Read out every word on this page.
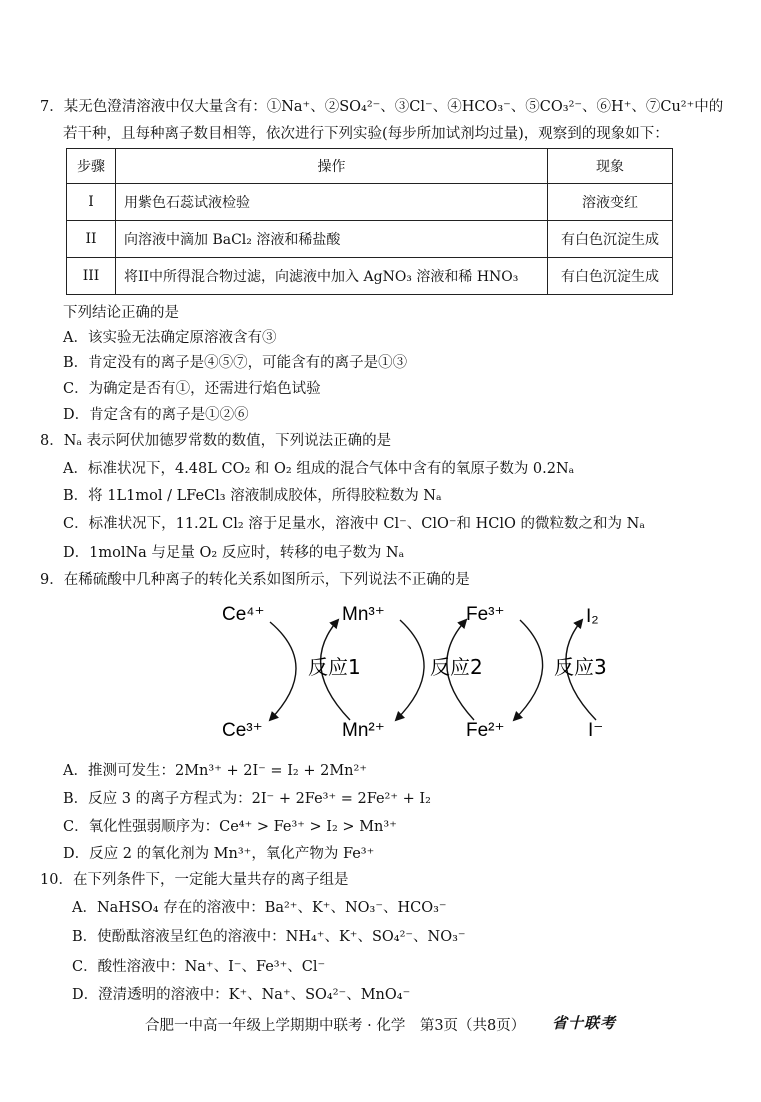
7．某无色澄清溶液中仅大量含有：①Na⁺、②SO₄²⁻、③Cl⁻、④HCO₃⁻、⑤CO₃²⁻、⑥H⁺、⑦Cu²⁺中的
若干种，且每种离子数目相等，依次进行下列实验(每步所加试剂均过量)，观察到的现象如下：
步骤	操作	现象
I	用紫色石蕊试液检验	溶液变红
II	向溶液中滴加 BaCl₂ 溶液和稀盐酸	有白色沉淀生成
III	将II中所得混合物过滤，向滤液中加入 AgNO₃ 溶液和稀 HNO₃	有白色沉淀生成
下列结论正确的是
A．该实验无法确定原溶液含有③
B．肯定没有的离子是④⑤⑦，可能含有的离子是①③
C．为确定是否有①，还需进行焰色试验
D．肯定含有的离子是①②⑥
8．Nₐ 表示阿伏加德罗常数的数值，下列说法正确的是
A．标准状况下，4.48L CO₂ 和 O₂ 组成的混合气体中含有的氧原子数为 0.2Nₐ
B．将 1L1mol / LFeCl₃ 溶液制成胶体，所得胶粒数为 Nₐ
C．标准状况下，11.2L Cl₂ 溶于足量水，溶液中 Cl⁻、ClO⁻和 HClO 的微粒数之和为 Nₐ
D．1molNa 与足量 O₂ 反应时，转移的电子数为 Nₐ
9．在稀硫酸中几种离子的转化关系如图所示，下列说法不正确的是
Ce⁴⁺	Mn³⁺	Fe³⁺	I₂
反应1	反应2	反应3
Ce³⁺	Mn²⁺	Fe²⁺	I⁻
A．推测可发生：2Mn³⁺ + 2I⁻ = I₂ + 2Mn²⁺
B．反应 3 的离子方程式为：2I⁻ + 2Fe³⁺ = 2Fe²⁺ + I₂
C．氧化性强弱顺序为：Ce⁴⁺ > Fe³⁺ > I₂ > Mn³⁺
D．反应 2 的氧化剂为 Mn³⁺，氧化产物为 Fe³⁺
10．在下列条件下，一定能大量共存的离子组是
A．NaHSO₄ 存在的溶液中：Ba²⁺、K⁺、NO₃⁻、HCO₃⁻
B．使酚酞溶液呈红色的溶液中：NH₄⁺、K⁺、SO₄²⁻、NO₃⁻
C．酸性溶液中：Na⁺、I⁻、Fe³⁺、Cl⁻
D．澄清透明的溶液中：K⁺、Na⁺、SO₄²⁻、MnO₄⁻
合肥一中高一年级上学期期中联考 · 化学　第3页（共8页） 省十联考
